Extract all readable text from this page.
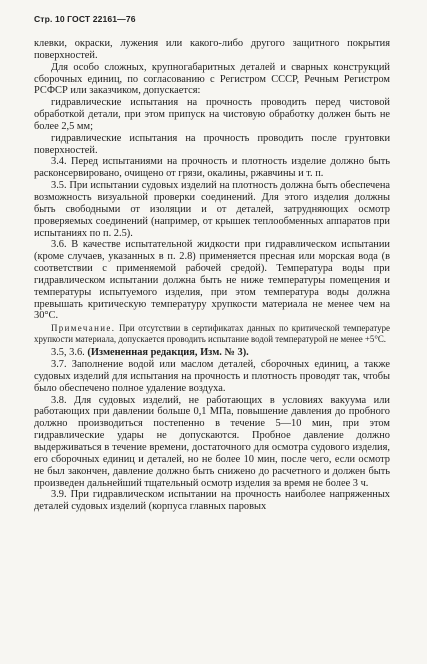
Стр. 10 ГОСТ 22161—76

клевки, окраски, лужения или какого-либо другого защитного покрытия поверхностей.

Для особо сложных, крупногабаритных деталей и сварных конструкций сборочных единиц, по согласованию с Регистром СССР, Речным Регистром РСФСР или заказчиком, допускается:

гидравлические испытания на прочность проводить перед чистовой обработкой детали, при этом припуск на чистовую обработку должен быть не более 2,5 мм;

гидравлические испытания на прочность проводить после грунтовки поверхностей.

3.4. Перед испытаниями на прочность и плотность изделие должно быть расконсервировано, очищено от грязи, окалины, ржавчины и т. п.

3.5. При испытании судовых изделий на плотность должна быть обеспечена возможность визуальной проверки соединений. Для этого изделия должны быть свободными от изоляции и от деталей, затрудняющих осмотр проверяемых соединений (например, от крышек теплообменных аппаратов при испытаниях по п. 2.5).

3.6. В качестве испытательной жидкости при гидравлическом испытании (кроме случаев, указанных в п. 2.8) применяется пресная или морская вода (в соответствии с применяемой рабочей средой). Температура воды при гидравлическом испытании должна быть не ниже температуры помещения и температуры испытуемого изделия, при этом температура воды должна превышать критическую температуру хрупкости материала не менее чем на 30°С.

Примечание. При отсутствии в сертификатах данных по критической температуре хрупкости материала, допускается проводить испытание водой температурой не менее +5°С.

3.5, 3.6. (Измененная редакция, Изм. № 3).

3.7. Заполнение водой или маслом деталей, сборочных единиц, а также судовых изделий для испытания на прочность и плотность проводят так, чтобы было обеспечено полное удаление воздуха.

3.8. Для судовых изделий, не работающих в условиях вакуума или работающих при давлении больше 0,1 МПа, повышение давления до пробного должно производиться постепенно в течение 5—10 мин, при этом гидравлические удары не допускаются. Пробное давление должно выдерживаться в течение времени, достаточного для осмотра судового изделия, его сборочных единиц и деталей, но не более 10 мин, после чего, если осмотр не был закончен, давление должно быть снижено до расчетного и должен быть произведен дальнейший тщательный осмотр изделия за время не более 3 ч.

3.9. При гидравлическом испытании на прочность наиболее напряженных деталей судовых изделий (корпуса главных паровых
